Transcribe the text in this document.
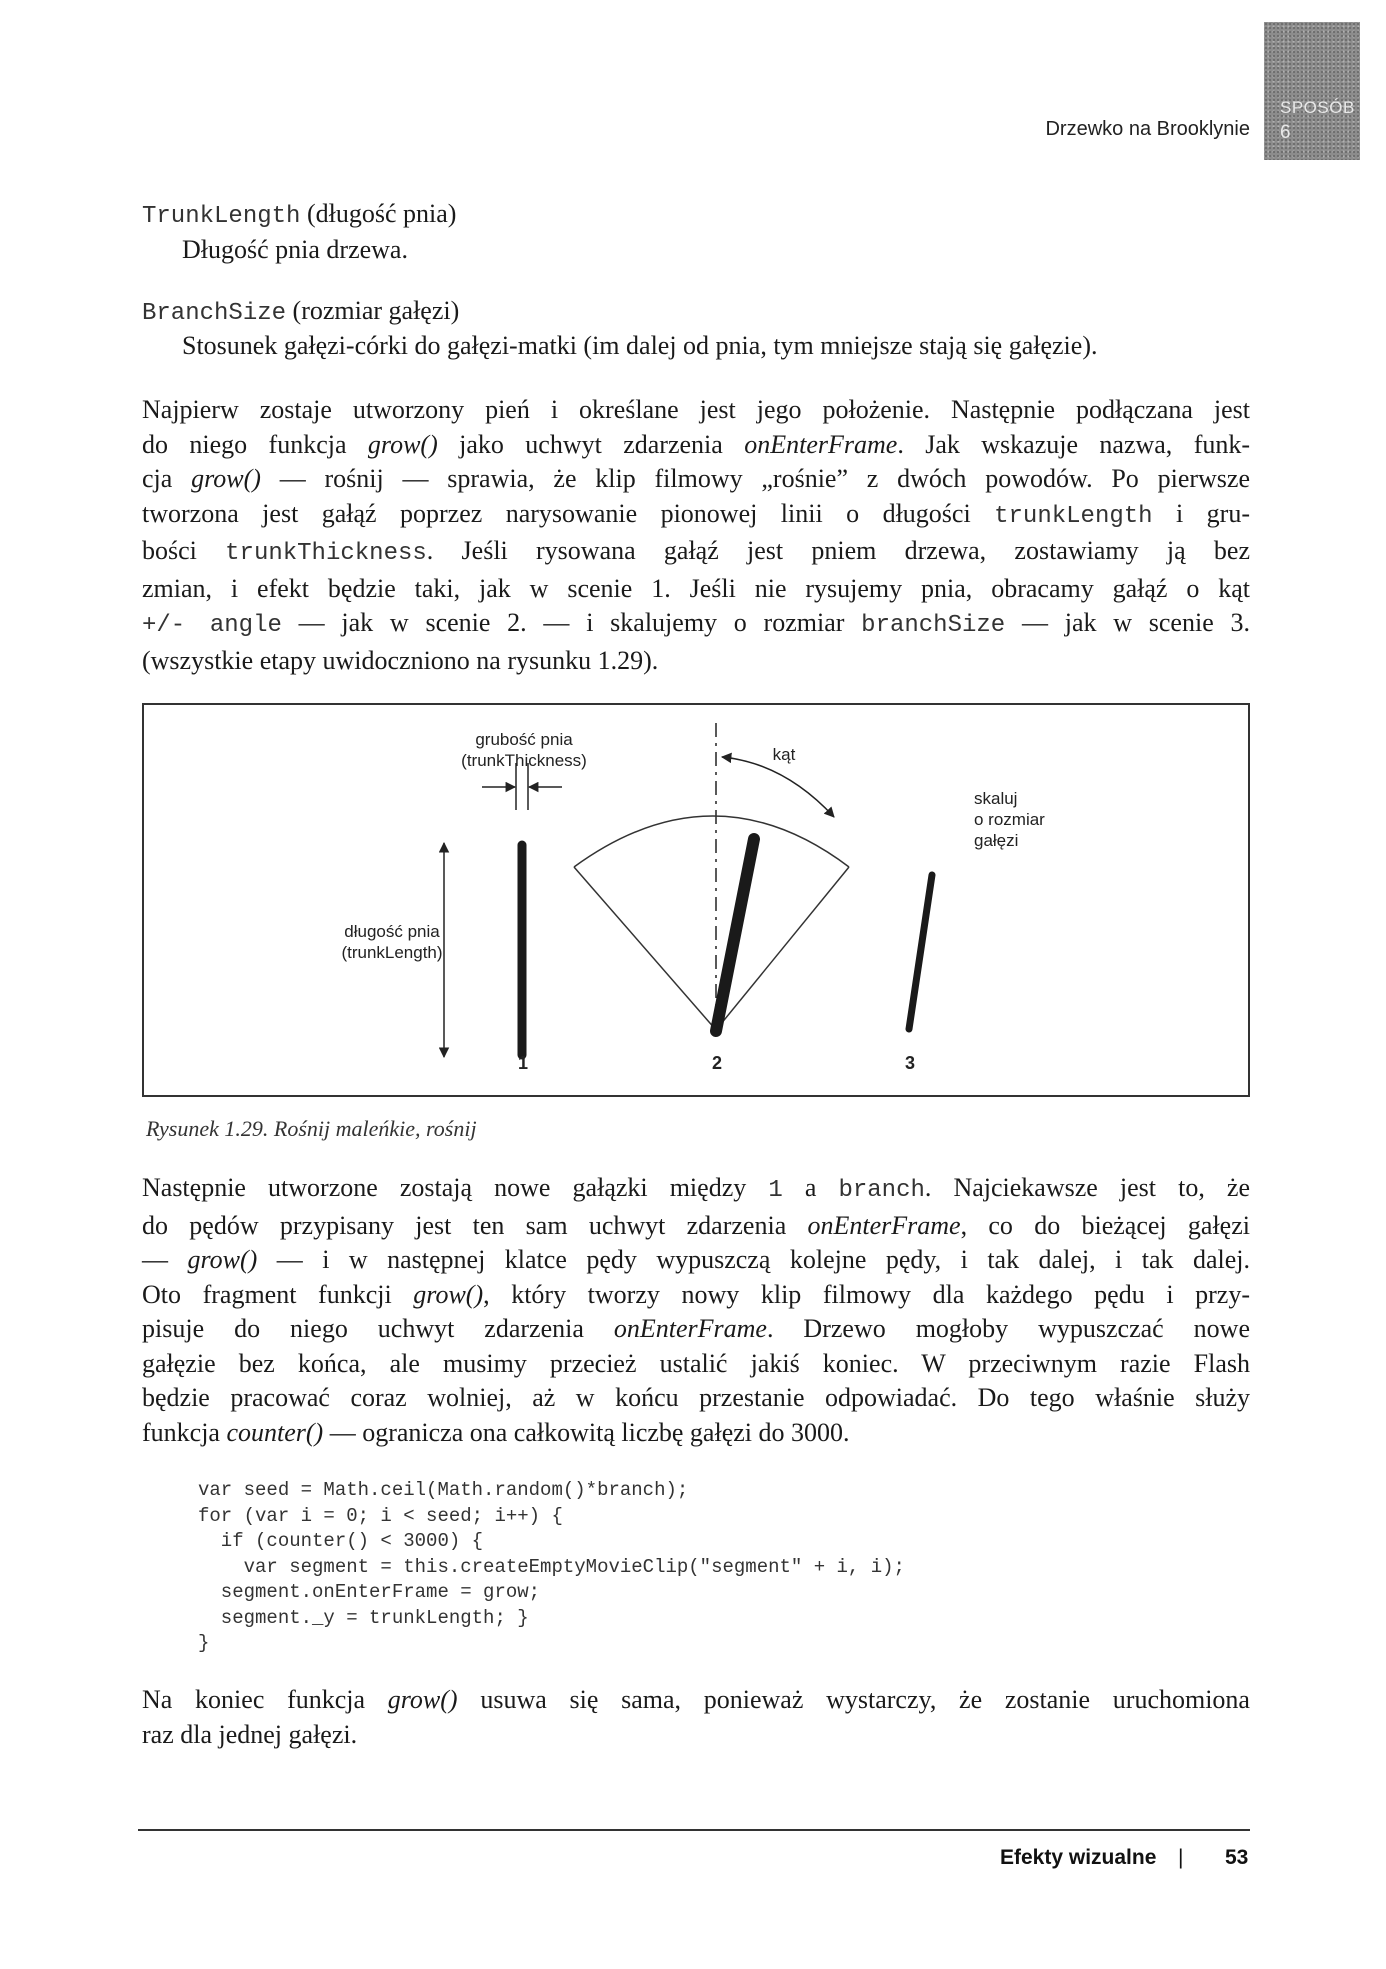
Drzewko na Brooklynie
SPOSÓB
6
TrunkLength (długość pnia)
Długość pnia drzewa.
BranchSize (rozmiar gałęzi)
Stosunek gałęzi-córki do gałęzi-matki (im dalej od pnia, tym mniejsze stają się gałęzie).
Najpierw zostaje utworzony pień i określane jest jego położenie. Następnie podłączana jest
do niego funkcja grow() jako uchwyt zdarzenia onEnterFrame. Jak wskazuje nazwa, funk-
cja grow() — rośnij — sprawia, że klip filmowy „rośnie” z dwóch powodów. Po pierwsze
tworzona jest gałąź poprzez narysowanie pionowej linii o długości trunkLength i gru-
bości trunkThickness. Jeśli rysowana gałąź jest pniem drzewa, zostawiamy ją bez
zmian, i efekt będzie taki, jak w scenie 1. Jeśli nie rysujemy pnia, obracamy gałąź o kąt
+/- angle — jak w scenie 2. — i skalujemy o rozmiar branchSize — jak w scenie 3.
(wszystkie etapy uwidoczniono na rysunku 1.29).
grubość pnia
(trunkThickness)
długość pnia
(trunkLength)
1
kąt
2
skaluj
o rozmiar
gałęzi
3
Rysunek 1.29. Rośnij maleńkie, rośnij
Następnie utworzone zostają nowe gałązki między 1 a branch. Najciekawsze jest to, że
do pędów przypisany jest ten sam uchwyt zdarzenia onEnterFrame, co do bieżącej gałęzi
— grow() — i w następnej klatce pędy wypuszczą kolejne pędy, i tak dalej, i tak dalej.
Oto fragment funkcji grow(), który tworzy nowy klip filmowy dla każdego pędu i przy-
pisuje do niego uchwyt zdarzenia onEnterFrame. Drzewo mogłoby wypuszczać nowe
gałęzie bez końca, ale musimy przecież ustalić jakiś koniec. W przeciwnym razie Flash
będzie pracować coraz wolniej, aż w końcu przestanie odpowiadać. Do tego właśnie służy
funkcja counter() — ogranicza ona całkowitą liczbę gałęzi do 3000.
var seed = Math.ceil(Math.random()*branch);
for (var i = 0; i < seed; i++) {
if (counter() < 3000) {
var segment = this.createEmptyMovieClip("segment" + i, i);
segment.onEnterFrame = grow;
segment._y = trunkLength; }
}
Na koniec funkcja grow() usuwa się sama, ponieważ wystarczy, że zostanie uruchomiona
raz dla jednej gałęzi.
Efekty wizualne | 53
